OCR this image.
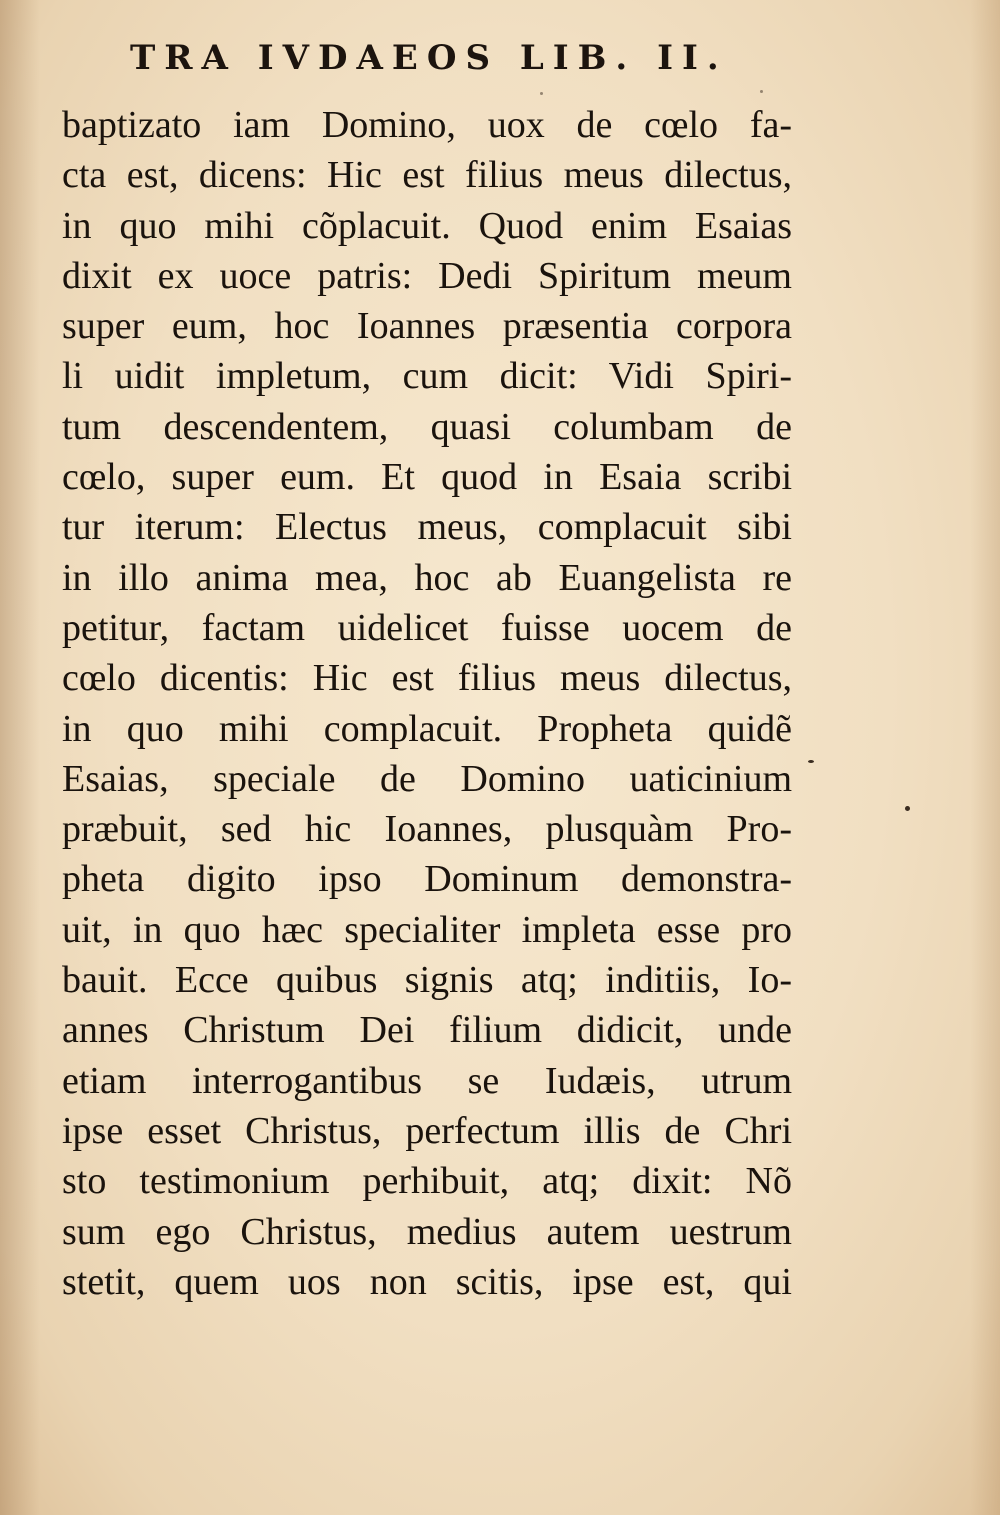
TRA IVDAEOS LIB. II.
baptizato iam Domino, uox de cœlo fa-
cta est, dicens: Hic est filius meus dilectus,
in quo mihi cõplacuit. Quod enim Esaias
dixit ex uoce patris: Dedi Spiritum meum
super eum, hoc Ioannes præsentia corpora
li uidit impletum, cum dicit: Vidi Spiri-
tum descendentem, quasi columbam de
cœlo, super eum. Et quod in Esaia scribi
tur iterum: Electus meus, complacuit sibi
in illo anima mea, hoc ab Euangelista re
petitur, factam uidelicet fuisse uocem de
cœlo dicentis: Hic est filius meus dilectus,
in quo mihi complacuit. Propheta quidẽ
Esaias, speciale de Domino uaticinium
præbuit, sed hic Ioannes, plusquàm Pro-
pheta digito ipso Dominum demonstra-
uit, in quo hæc specialiter impleta esse pro
bauit. Ecce quibus signis atq; inditiis, Io-
annes Christum Dei filium didicit, unde
etiam interrogantibus se Iudæis, utrum
ipse esset Christus, perfectum illis de Chri
sto testimonium perhibuit, atq; dixit: Nõ
sum ego Christus, medius autem uestrum
stetit, quem uos non scitis, ipse est, qui
